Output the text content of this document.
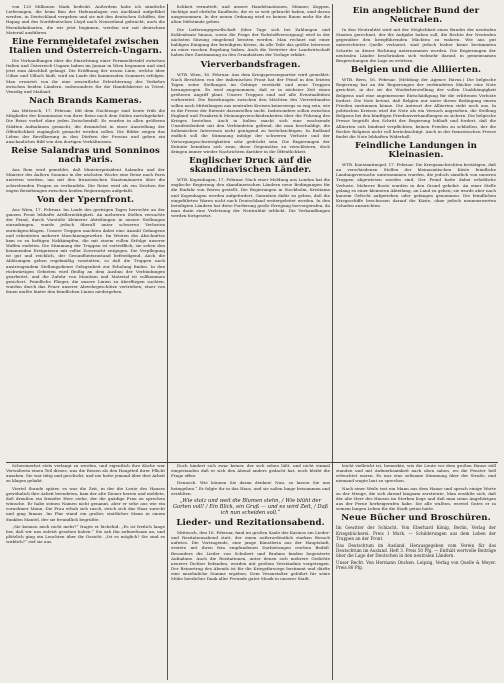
von 120 Millionen Mark bedroht. Außerdem habe ich sämtliche Lieferungen, die beim Bau der Hafenanlagen von Auckland aufgeführt werden, in Dentschland vergeben und sie mit den deutschen Schiffen, der Hapag und des Norddeutschen Lloyd nach Neuseeland gebracht; auch die Eisenbahnbauten, die wir jetzt beginnen, werden wir mit deutschem Material ausführen.

Eine Fernmeldetafel zwischen Italien und Österreich-Ungarn.

Die Verhandlungen über die Einrichtung einer Fernmeldetafel zwischen Italien und Österreich-Ungarn haben im Januar in Wien begonnen und sind jetzt zum Abschluß gelangt. Die Eröffnung der neuen Linie, welche über Udine und Villach läuft, wird im Laufe des kommenden Sommers erfolgen. Man erwartet von ihr eine wesentliche Erleichterung des Verkehrs zwischen beiden Ländern, insbesondere für die Handelskreise in Triest, Venedig und Mailand.

Nach Brands Kameras.

Am Mittwoch, 17. Februar, Mit dem Nachtzuge sind heute früh die Mitglieder der Kommission von ihrer Reise nach dem Süden zurückgekehrt. Die Reise verlief ohne jeden Zwischenfall. Es wurden in allen größeren Städten Aufnahmen gemacht, die demnächst in einer Ausstellung der Öffentlichkeit zugänglich gemacht werden sollen. Die Bilder zeigen das Leben der Bevölkerung in den Dörfern der Provinz und geben ein anschauliches Bild von den dortigen Verhältnissen.

Reise Salandras und Sonninos nach Paris.

Aus Rom wird gemeldet, daß Ministerpräsident Salandra und der Minister des Äußern Sonnino in der nächsten Woche eine Reise nach Paris antreten werden, um mit den französischen Staatsmännern über die schwebenden Fragen zu verhandeln. Die Reise wird als ein Zeichen der engen Beziehungen zwischen beiden Regierungen aufgefaßt.

Von der Ypernfront.

Aus Wien, 17. Februar. Im Laufe des gestrigen Tages herrschte an der ganzen Front lebhafte Artillerietätigkeit. An mehreren Stellen versuchte der Feind, durch Vorstöße kleinerer Abteilungen in unsere Stellungen einzudringen, wurde jedoch überall unter schweren Verlusten zurückgeschlagen. Unsere Truppen machten dabei eine Anzahl Gefangene und erbeuteten mehrere Maschinengewehre. Im Westen des Abschnittes kam es zu heftigen Nahkämpfen, die mit einem vollen Erfolge unserer Waffen endeten. Die Stimmung der Truppen ist vortrefflich; sie sehen den kommenden Ereignissen mit voller Zuversicht entgegen. Die Verpflegung ist gut und reichlich, der Gesundheitszustand befriedigend. Auch die Ablösungen gehen regelmäßig vonstatten, so daß die Truppen nach anstrengendem Stellungsdienst Gelegenheit zur Erholung finden. In den rückwärtigen Gebieten wird fleißig an dem Ausbau der Verbindungen gearbeitet, und die Zufuhr von Munition und Material ist vollkommen gesichert. Feindliche Flieger, die unsere Linien zu überfliegen suchten, wurden durch das Feuer unserer Abwehrgeschütze vertrieben; einer von ihnen mußte hinter den feindlichen Linien niedergehen.

lichkeit vermittelt, und unsere Handelsnationen, Männer, Koppen, tüchtige und ehrliche Kaufleute, die es so weit gebracht haben, sind davon ausgenommen. In der neuen Ordnung wird es keinen Raum mehr für die alten Mißstände geben.

Die Lieferungsgesellschaft (über Tage sich bei Zahlungen und Kohleabsatz hinaus, sowie die Frage der Rohstoffversorgung) wird in der nächsten Sitzung eingehend beraten werden. Man rechnet mit einer baldigen Einigung der beteiligten Kreise, da alle Teile das größte Interesse an einer raschen Regelung haben. Auch die Vertreter der Landwirtschaft haben ihre Zustimmung zu den Grundsätzen der Vorlage erklärt.

Vierverbandsfragen.

WTB. Wien, 16. Februar. Aus dem Kriegspressequartier wird gemeldet: Nach Berichten von der italienischen Front hat der Feind in den letzten Tagen seine Stellungen im Gebirge verstärkt und neue Truppen herangezogen. Es wird angenommen, daß er in nächster Zeit einen größeren Angriff plant. Unsere Truppen sind auf alle Eventualitäten vorbereitet. Die Beziehungen zwischen den Mächten des Vierverbandes sollen nach Mitteilungen aus neutralen Kreisen keineswegs so eng sein, wie es die Presse der Entente darzustellen sucht. Insbesondere sollen zwischen England und Frankreich Meinungsverschiedenheiten über die Führung des Krieges bestehen. Auch in Italien macht sich eine wachsende Unzufriedenheit mit den Verbündeten geltend, die man beschuldigt, die italienischen Interessen nicht genügend zu berücksichtigen. In Rußland endlich soll die Stimmung infolge der schweren Verluste und der Versorgungsschwierigkeiten sehr gedrückt sein. Die Regierungen der Entente bemühen sich zwar, diese Gegensätze zu verschleiern, doch dringen immer wieder Nachrichten darüber in die Öffentlichkeit.

Englischer Druck auf die skandinavischen Länder.

WTB. Kopenhagen, 17. Februar. Nach einer Meldung aus London hat die englische Regierung den skandinavischen Ländern neue Bedingungen für die Einfuhr von Waren gestellt. Die Regierungen in Stockholm, Kristiania und Kopenhagen werden aufgefordert, Garantien dafür zu geben, daß die eingeführten Waren nicht nach Deutschland weitergeleitet werden. In den beteiligten Ländern hat diese Forderung große Erregung hervorgerufen, da man darin eine Verletzung der Neutralität erblickt. Die Verhandlungen werden fortgesetzt.

Ein angeblicher Bund der Neutralen.

In den Neutralität wird mit der Möglichkeit eines Bundes der neutralen Staaten gerechnet, der die Aufgabe haben soll, die Rechte der Neutralen gegenüber den kriegführenden Mächten zu wahren. Wie aus gut unterrichteter Quelle verlautet, sind jedoch bisher keine bestimmten Schritte in dieser Richtung unternommen worden. Die Regierungen der neutralen Länder beschränken sich vielmehr darauf, in gemeinsamen Besprechungen die Lage zu erörtern.

Belgien und die Alliierten.

WTB. Bern, 16. Februar. (Meldung der Agence Havas.) Die belgische Regierung hat an die Regierungen der verbündeten Mächte eine Note gerichtet, in der sie die Wiederherstellung der vollen Unabhängigkeit Belgiens und eine angemessene Entschädigung für die erlittenen Verluste fordert. Die Note betont, daß Belgien nur unter dieser Bedingung einem Frieden zustimmen könne. Die Antwort der Alliierten steht noch aus. In politischen Kreisen wird die Note als ein Versuch angesehen, die Stellung Belgiens bei den künftigen Friedensverhandlungen zu sichern. Die belgische Presse begrüßt den Schritt der Regierung lebhaft und fordert, daß die Alliierten sich bindend verpflichten, keinen Frieden zu schließen, der die Rechte Belgiens nicht voll berücksichtigt. Auch in der französischen Presse findet die Note lebhaften Widerhall.

Feindliche Landungen in Kleinasien.

WTB. Konstantinopel, 17. Februar. Die Kriegsnachrichten bestätigen, daß an verschiedenen Stellen der kleinasiatischen Küste feindliche Landungsversuche unternommen wurden, die jedoch sämtlich von unseren Truppen abgewiesen worden sind. Der Feind hatte dabei erhebliche Verluste. Mehrere Boote wurden in den Grund gebohrt. An einer Stelle gelang es einer kleineren Abteilung, an Land zu gehen; sie wurde aber nach kurzem Gefecht aufgerieben oder gefangen genommen. Die feindlichen Kriegsschiffe beschossen darauf die Küste, ohne jedoch nennenswerten Schaden anzurichten.

Schweinerbst stets verlangt zu werden, und eigentlich ihre Küche war Verwalterin einen Teil dieses, was die Reisen als den Hauptteil ihrer Pflicht ansahen. Sie war tätig und geschickt, und nie hatte jemand über ihre Arbeit zu klagen gehabt.

Viertel Stunde später, es war die Zeit, in der die Leute des Hauses gewöhnlich ihre Arbeit beendeten, kam der alte Diener herein und meldete, daß draußen ein fremder Herr stehe, der die gnädige Frau zu sprechen wünsche. Er habe seinen Namen nicht genannt, aber er sehe aus wie ein vornehmer Mann. Die Frau erhob sich rasch, strich sich das Haar zurecht und ging hinaus. Im Flur stand ein großer, stattlicher Mann in einem dunklen Mantel, der sie freundlich begrüßte.

„Sie kennen mich nicht mehr?“ fragte er lächelnd. „Es ist freilich lange her, daß wir uns zuletzt gesehen haben.“ Sie sah ihn aufmerksam an, und plötzlich ging ein Leuchten über ihr Gesicht. „Ist es möglich? Sie sind es wirklich?“ rief sie aus.

Doch hindert sich zwar keiner, der sich sehen läßt, und nicht einmal eingestanden daß er sich den Abend anders gedacht hat, noch bleibt die Frage offen.

Dennoch. Wie können Sie daran denken! Nun, so lassen Sie uns heimgehen.“ Er folgte ihr in das Haus, und sie saßen lange beisammen und erzählten.

„Wie stolz und weit die Blumen stehn, / Wie blüht der Garten voll! / Ein Blick, ein Gruß — und es wird Zeit, / Daß ich nun scheiden soll.“
Lieder- und Rezitationsabend.

Mittwoch, den 16. Februar, fand im großen Saale des Kasinos ein Lieder- und Rezitationsabend statt, der einen außerordentlich starken Besuch aufwies. Die Vortragende, eine junge Künstlerin aus der Hauptstadt, erntete mit ihren fein empfundenen Darbietungen reichen Beifall. Besonders die Lieder von Schubert und Brahms fanden begeisterte Aufnahme. Auch die Rezitationen, unter denen sich mehrere Gedichte neuerer Dichter befanden, wurden mit großem Verständnis vorgetragen. Der Reinertrag des Abends ist für die Kriegsfürsorge bestimmt und dürfte eine ansehnliche Summe ergeben. Dem Veranstalter gebührt für seine Mühe herzlicher Dank aller Freunde guter Musik in unserer Stadt.

leicht vielleicht ist, bemerkte, wie die Leute vor dem großen Hause still standen und mit Aufmerksamkeit nach oben sahen, wo die Fenster hell erleuchtet waren. Es war eine seltsame Stimmung über der Straße, und niemand wagte laut zu sprechen.

Nach einer Weile trat ein Mann aus dem Hause und sprach einige Worte zu der Menge, die sich darauf langsam zerstreute. Man erzählte sich, daß der alte Herr des Hauses im Sterben liege und daß man seine Angehörigen aus der Ferne herbeigerufen habe. Sie alle wußten, wieviel Gutes er in seinem langen Leben für die Stadt getan hatte.

Neue Bücher und Broschüren.
Im Gewitter der Schlacht. Von Eberhard König. Berlin, Verlag der Kriegsbücherei. Preis 1 Mark. — Schilderungen aus dem Leben der Truppen an der Front.
Das Deutschtum im Ausland. Herausgegeben vom Verein für das Deutschtum im Ausland. Heft 3. Preis 50 Pfg. — Enthält wertvolle Beiträge über die Lage der Deutschen in den neutralen Ländern.
Unser Recht. Von Hermann Oncken. Leipzig, Verlag von Quelle & Meyer. Preis 80 Pfg.
